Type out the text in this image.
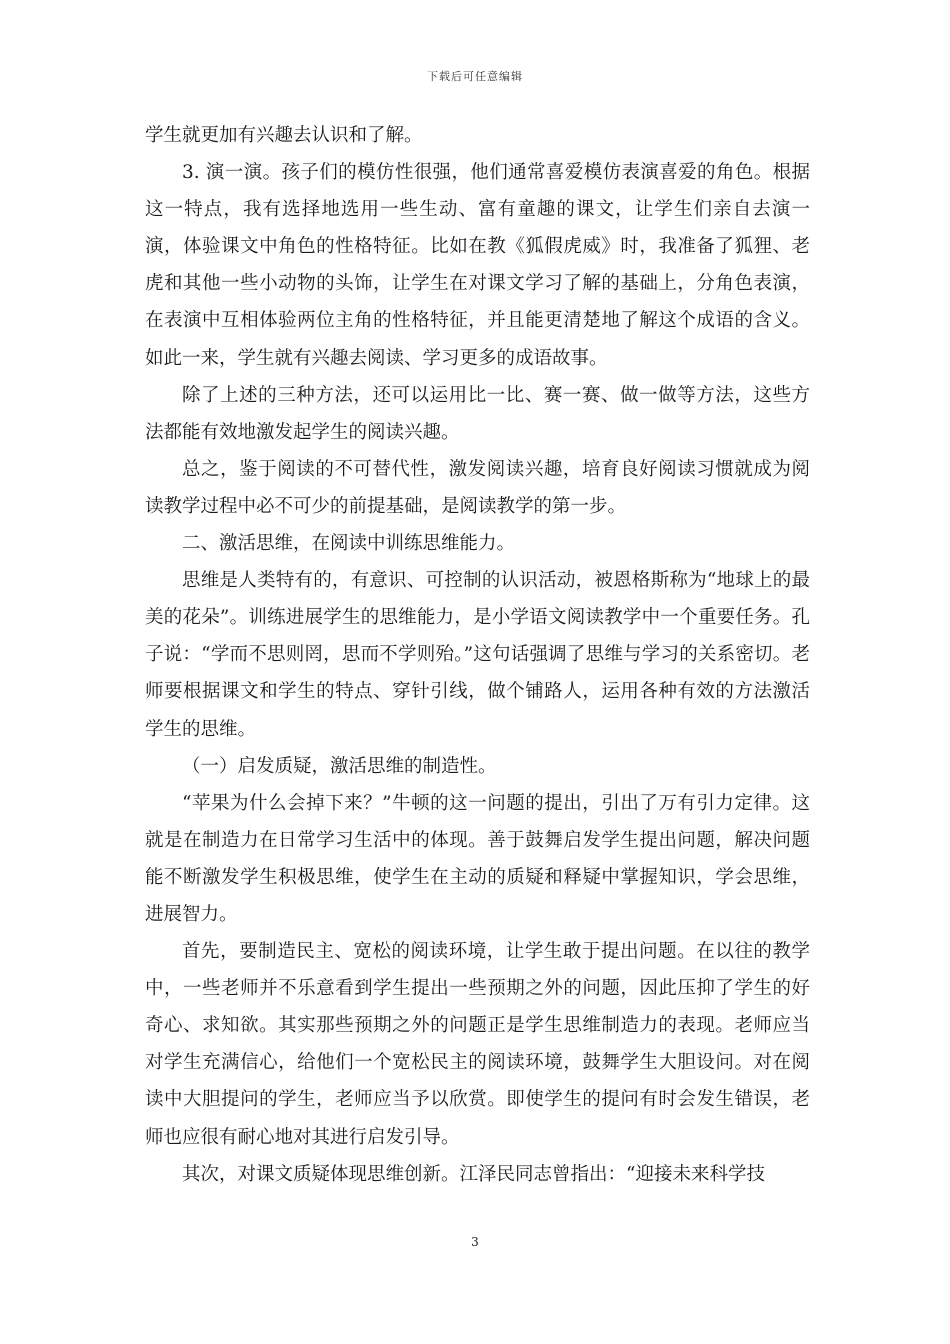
下载后可任意编辑

学生就更加有兴趣去认识和了解。

3. 演一演。孩子们的模仿性很强，他们通常喜爱模仿表演喜爱的角色。根据这一特点，我有选择地选用一些生动、富有童趣的课文，让学生们亲自去演一演，体验课文中角色的性格特征。比如在教《狐假虎威》时，我准备了狐狸、老虎和其他一些小动物的头饰，让学生在对课文学习了解的基础上，分角色表演，在表演中互相体验两位主角的性格特征，并且能更清楚地了解这个成语的含义。如此一来，学生就有兴趣去阅读、学习更多的成语故事。

除了上述的三种方法，还可以运用比一比、赛一赛、做一做等方法，这些方法都能有效地激发起学生的阅读兴趣。

总之，鉴于阅读的不可替代性，激发阅读兴趣，培育良好阅读习惯就成为阅读教学过程中必不可少的前提基础，是阅读教学的第一步。

二、激活思维，在阅读中训练思维能力。

思维是人类特有的，有意识、可控制的认识活动，被恩格斯称为“地球上的最美的花朵”。训练进展学生的思维能力，是小学语文阅读教学中一个重要任务。孔子说：“学而不思则罔，思而不学则殆。”这句话强调了思维与学习的关系密切。老师要根据课文和学生的特点、穿针引线，做个铺路人，运用各种有效的方法激活学生的思维。

（一）启发质疑，激活思维的制造性。

“苹果为什么会掉下来？”牛顿的这一问题的提出，引出了万有引力定律。这就是在制造力在日常学习生活中的体现。善于鼓舞启发学生提出问题，解决问题能不断激发学生积极思维，使学生在主动的质疑和释疑中掌握知识，学会思维，进展智力。

首先，要制造民主、宽松的阅读环境，让学生敢于提出问题。在以往的教学中，一些老师并不乐意看到学生提出一些预期之外的问题，因此压抑了学生的好奇心、求知欲。其实那些预期之外的问题正是学生思维制造力的表现。老师应当对学生充满信心，给他们一个宽松民主的阅读环境，鼓舞学生大胆设问。对在阅读中大胆提问的学生，老师应当予以欣赏。即使学生的提问有时会发生错误，老师也应很有耐心地对其进行启发引导。

其次，对课文质疑体现思维创新。江泽民同志曾指出：“迎接未来科学技

3
